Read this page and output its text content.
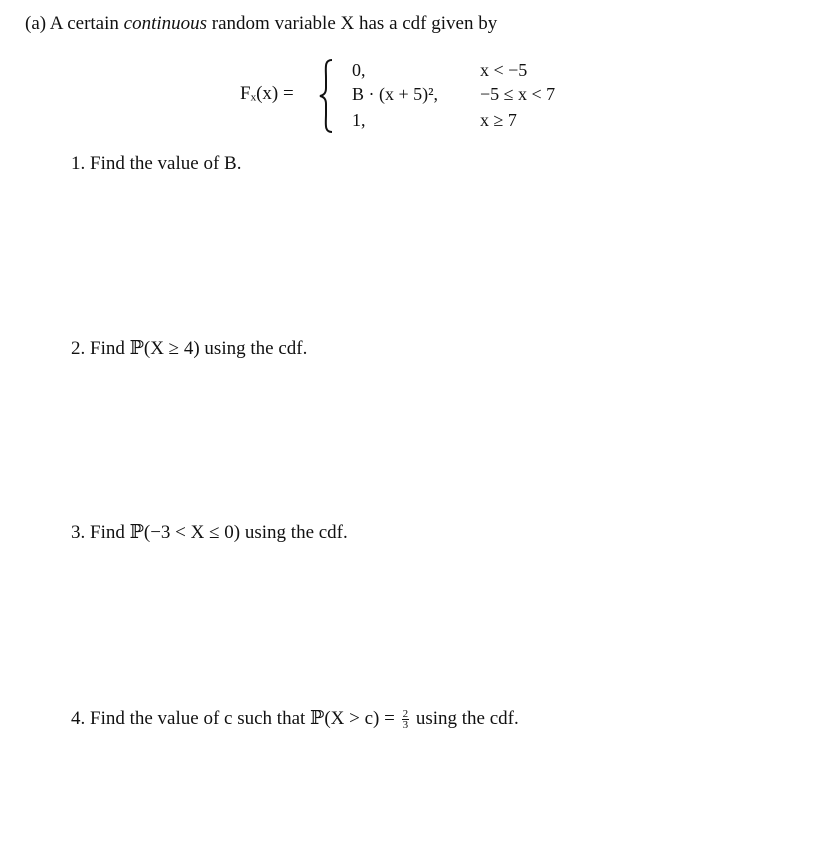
(a) A certain continuous random variable X has a cdf given by
Fₓ(x) =
0,
B · (x + 5)²,
1,
x < −5
−5 ≤ x < 7
x ≥ 7
1. Find the value of B.
2. Find ℙ(X ≥ 4) using the cdf.
3. Find ℙ(−3 < X ≤ 0) using the cdf.
4. Find the value of c such that ℙ(X > $c) = \frac{2}{3}$ using the cdf.
